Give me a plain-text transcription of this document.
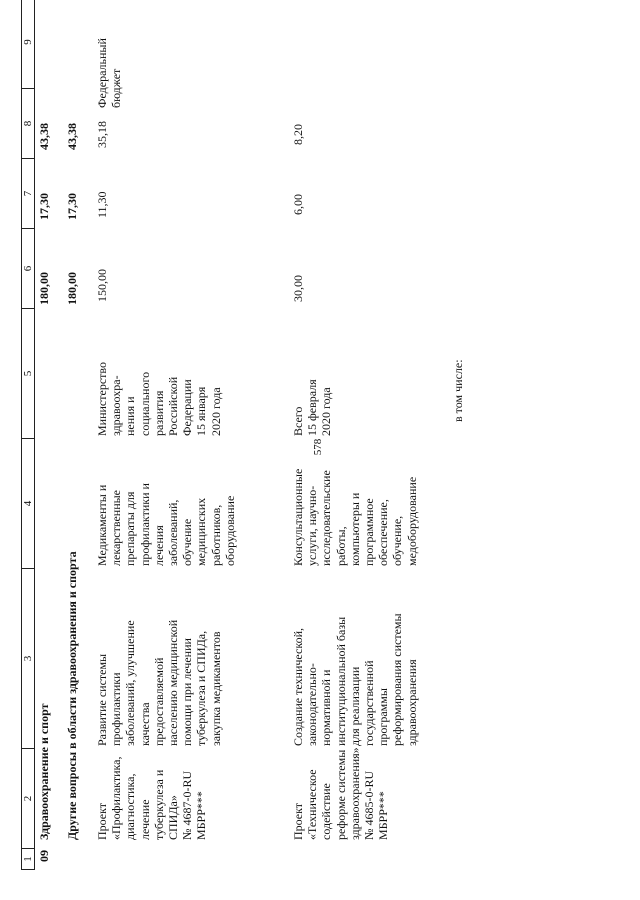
578
1
2
3
4
5
6
7
8
9
09
Здравоохранение и спорт
180,00
17,30
43,38
Другие вопросы в области здравоохранения и спорта
180,00
17,30
43,38
Проект
«Профилактика,
диагностика,
лечение
туберкулеза и
СПИДа»
№ 4687-0-RU
МБРР***
Развитие системы
профилактики
заболеваний, улучшение
качества
предоставляемой
населению медицинской
помощи при лечении
туберкулеза и СПИДа,
закупка медикаментов
Медикаменты и
лекарственные
препараты для
профилактики и
лечения
заболеваний,
обучение
медицинских
работников,
оборудование
Министерство
здравоохра-
нения и
социального
развития
Российской
Федерации
15 января
2020 года
150,00
11,30
35,18
Федеральный
бюджет
Проект
«Техническое
содействие
реформе системы
здравоохранения»
№ 4685-0-RU
МБРР***
Создание технической,
законодательно-
нормативной и
институциональной базы
для реализации
государственной
программы
реформирования системы
здравоохранения
Консультационные
услуги, научно-
исследовательские
работы,
компьютеры и
программное
обеспечение,
обучение,
медоборудование
Всего
15 февраля
2020 года
30,00
6,00
8,20
в том числе:
